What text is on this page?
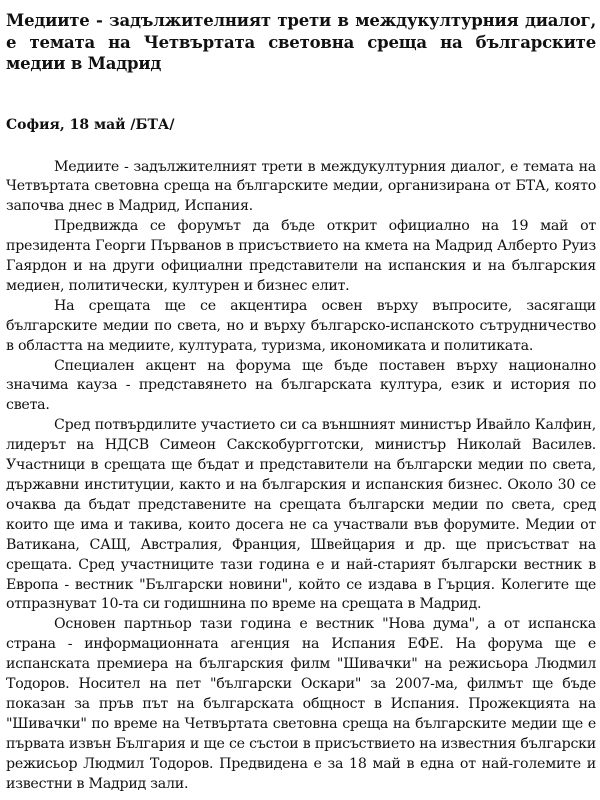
Медиите - задължителният трети в междукултурния диалог, е темата на Четвъртата световна среща на българските медии в Мадрид
София, 18 май /БТА/

Медиите - задължителният трети в междукултурния диалог, е темата на Четвъртата световна среща на българските медии, организирана от БТА, която започва днес в Мадрид, Испания.

Предвижда се форумът да бъде открит официално на 19 май от президента Георги Първанов в присъствието на кмета на Мадрид Алберто Руиз Гаярдон и на други официални представители на испанския и на българския медиен, политически, културен и бизнес елит.

На срещата ще се акцентира освен върху въпросите, засягащи българските медии по света, но и върху българско-испанското сътрудничество в областта на медиите, културата, туризма, икономиката и политиката.

Специален акцент на форума ще бъде поставен върху национално значима кауза - представянето на българската култура, език и история по света.

Сред потвърдилите участието си са външният министър Ивайло Калфин, лидерът на НДСВ Симеон Сакскобургготски, министър Николай Василев. Участници в срещата ще бъдат и представители на български медии по света, държавни институции, както и на българския и испанския бизнес. Около 30 се очаква да бъдат представените на срещата български медии по света, сред които ще има и такива, които досега не са участвали във форумите. Медии от Ватикана, САЩ, Австралия, Франция, Швейцария и др. ще присъстват на срещата. Сред участниците тази година е и най-старият български вестник в Европа - вестник "Български новини", който се издава в Гърция. Колегите ще отпразнуват 10-та си годишнина по време на срещата в Мадрид.

Основен партньор тази година е вестник "Нова дума", а от испанска страна - информационната агенция на Испания ЕФЕ. На форума ще е испанската премиера на българския филм "Шивачки" на режисьора Людмил Тодоров. Носител на пет "български Оскари" за 2007-ма, филмът ще бъде показан за пръв път на българската общност в Испания. Прожекцията на "Шивачки" по време на Четвъртата световна среща на българските медии ще е първата извън България и ще се състои в присъствието на известния български режисьор Людмил Тодоров. Предвидена е за 18 май в една от най-големите и известни в Мадрид зали.
